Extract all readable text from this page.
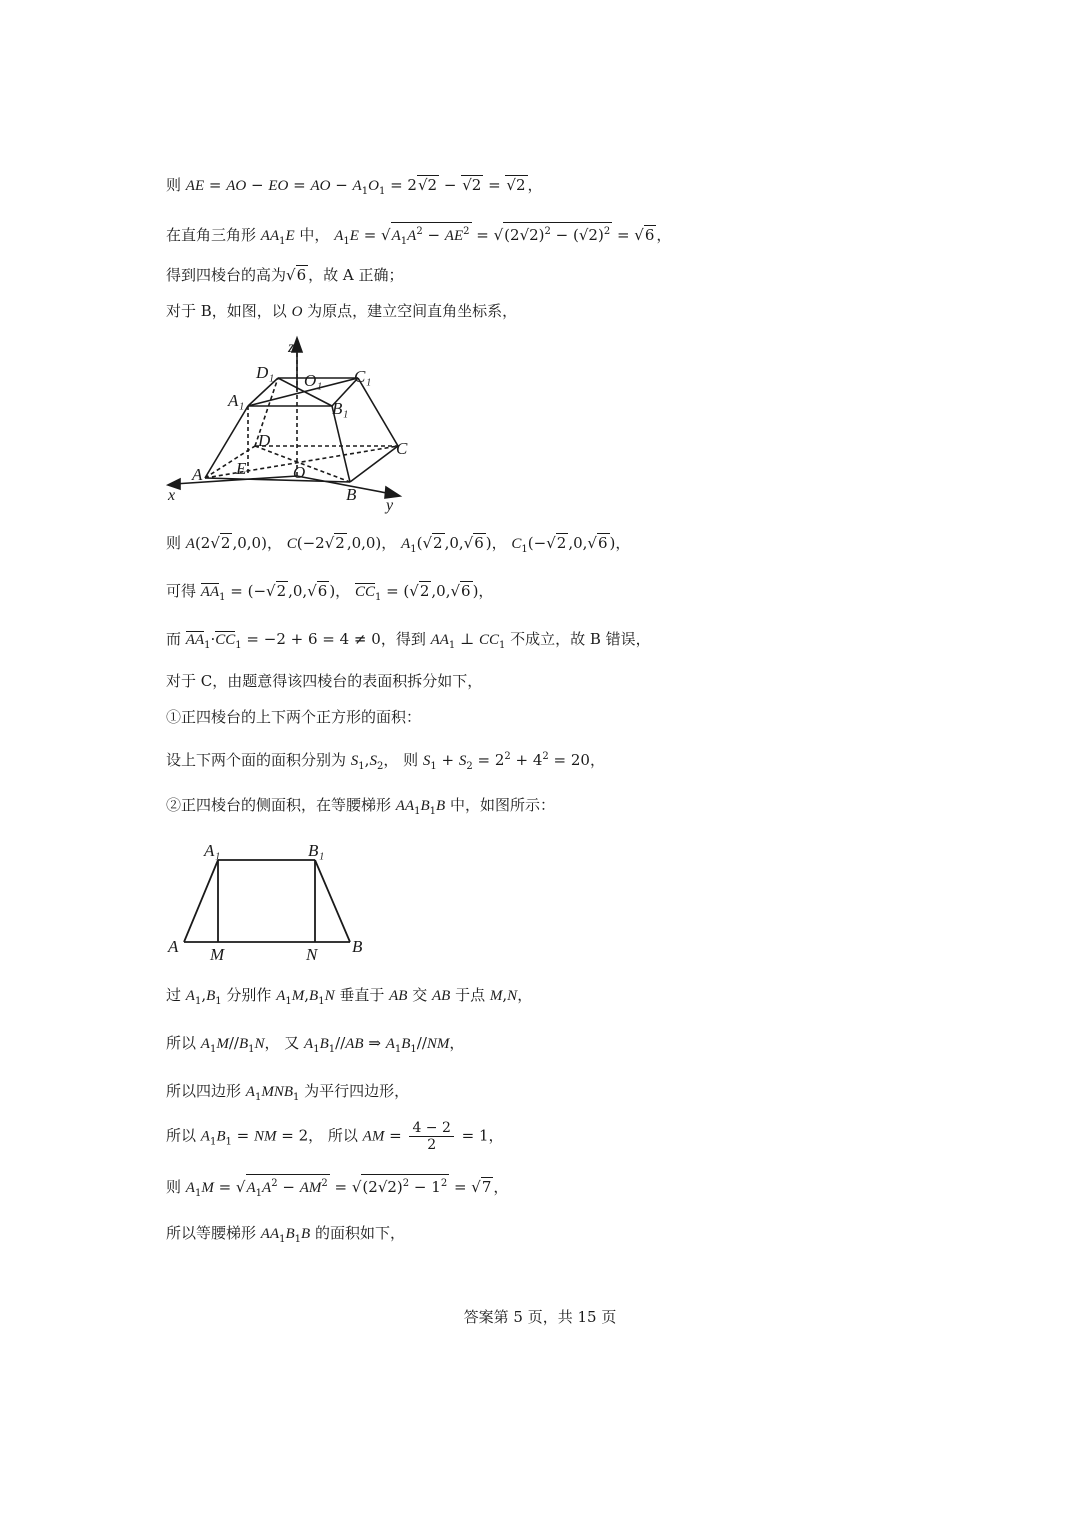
则 AE = AO − EO = AO − $A_1O_1 = 2√2 - √2 = √2$ ，
在直角三角形 $AA_1E$ 中， $A_1E = √A_1A^2 - AE^2 = √(2√2)^2 - (√2)^2 = √6$ ，
得到四棱台的高为√6 ，故 A 正确；
对于 B，如图，以 O 为原点，建立空间直角坐标系，
z
x
y
A
B
C
D
E	O
A₁	B₁
C₁
D₁ O₁
则 A(2√2 ,0,0)， C(−2√2 ,0,0)， $A_1(√2$ ,0,√6 )， $C_1(-√2$ ,0,√6 )，
可得 $AA_1 = (-√2$ ,0,√6 )， $CC_1 = (√2$ ,0,√6 )，
而 $AA_1\cdot CC_1 = -2 + 6 = 4 \ne 0$，得到 $AA_1$ ⊥ $CC_1$ 不成立，故 B 错误，
对于 C，由题意得该四棱台的表面积拆分如下，
①正四棱台的上下两个正方形的面积：
设上下两个面的面积分别为 $S_1,S_2$， 则 $S_1 + S_2 = 2^2 + 4^2 = 20$，
②正四棱台的侧面积，在等腰梯形 $AA_1B_1B$ 中，如图所示：
A₁	B₁
A	B
M	N
过 $A_1,B_1$ 分别作 $A_1M,B_1N$ 垂直于 AB 交 AB 于点 M,N，
所以 $A_1M//B_1N$， 又 $A_1B_1//AB$ ⇒ $A_1B_1//NM$，
所以四边形 $A_1MNB_1$ 为平行四边形，
所以 $A_1B_1$ = NM = 2， 所以 AM = $\frac{4 - 2}{2} = 1$，
则 $A_1M = √A_1A^2 - AM^2 = √(2√2)^2 - 1^2 = √7$ ，
所以等腰梯形 $AA_1B_1B$ 的面积如下，
答案第 5 页，共 15 页
